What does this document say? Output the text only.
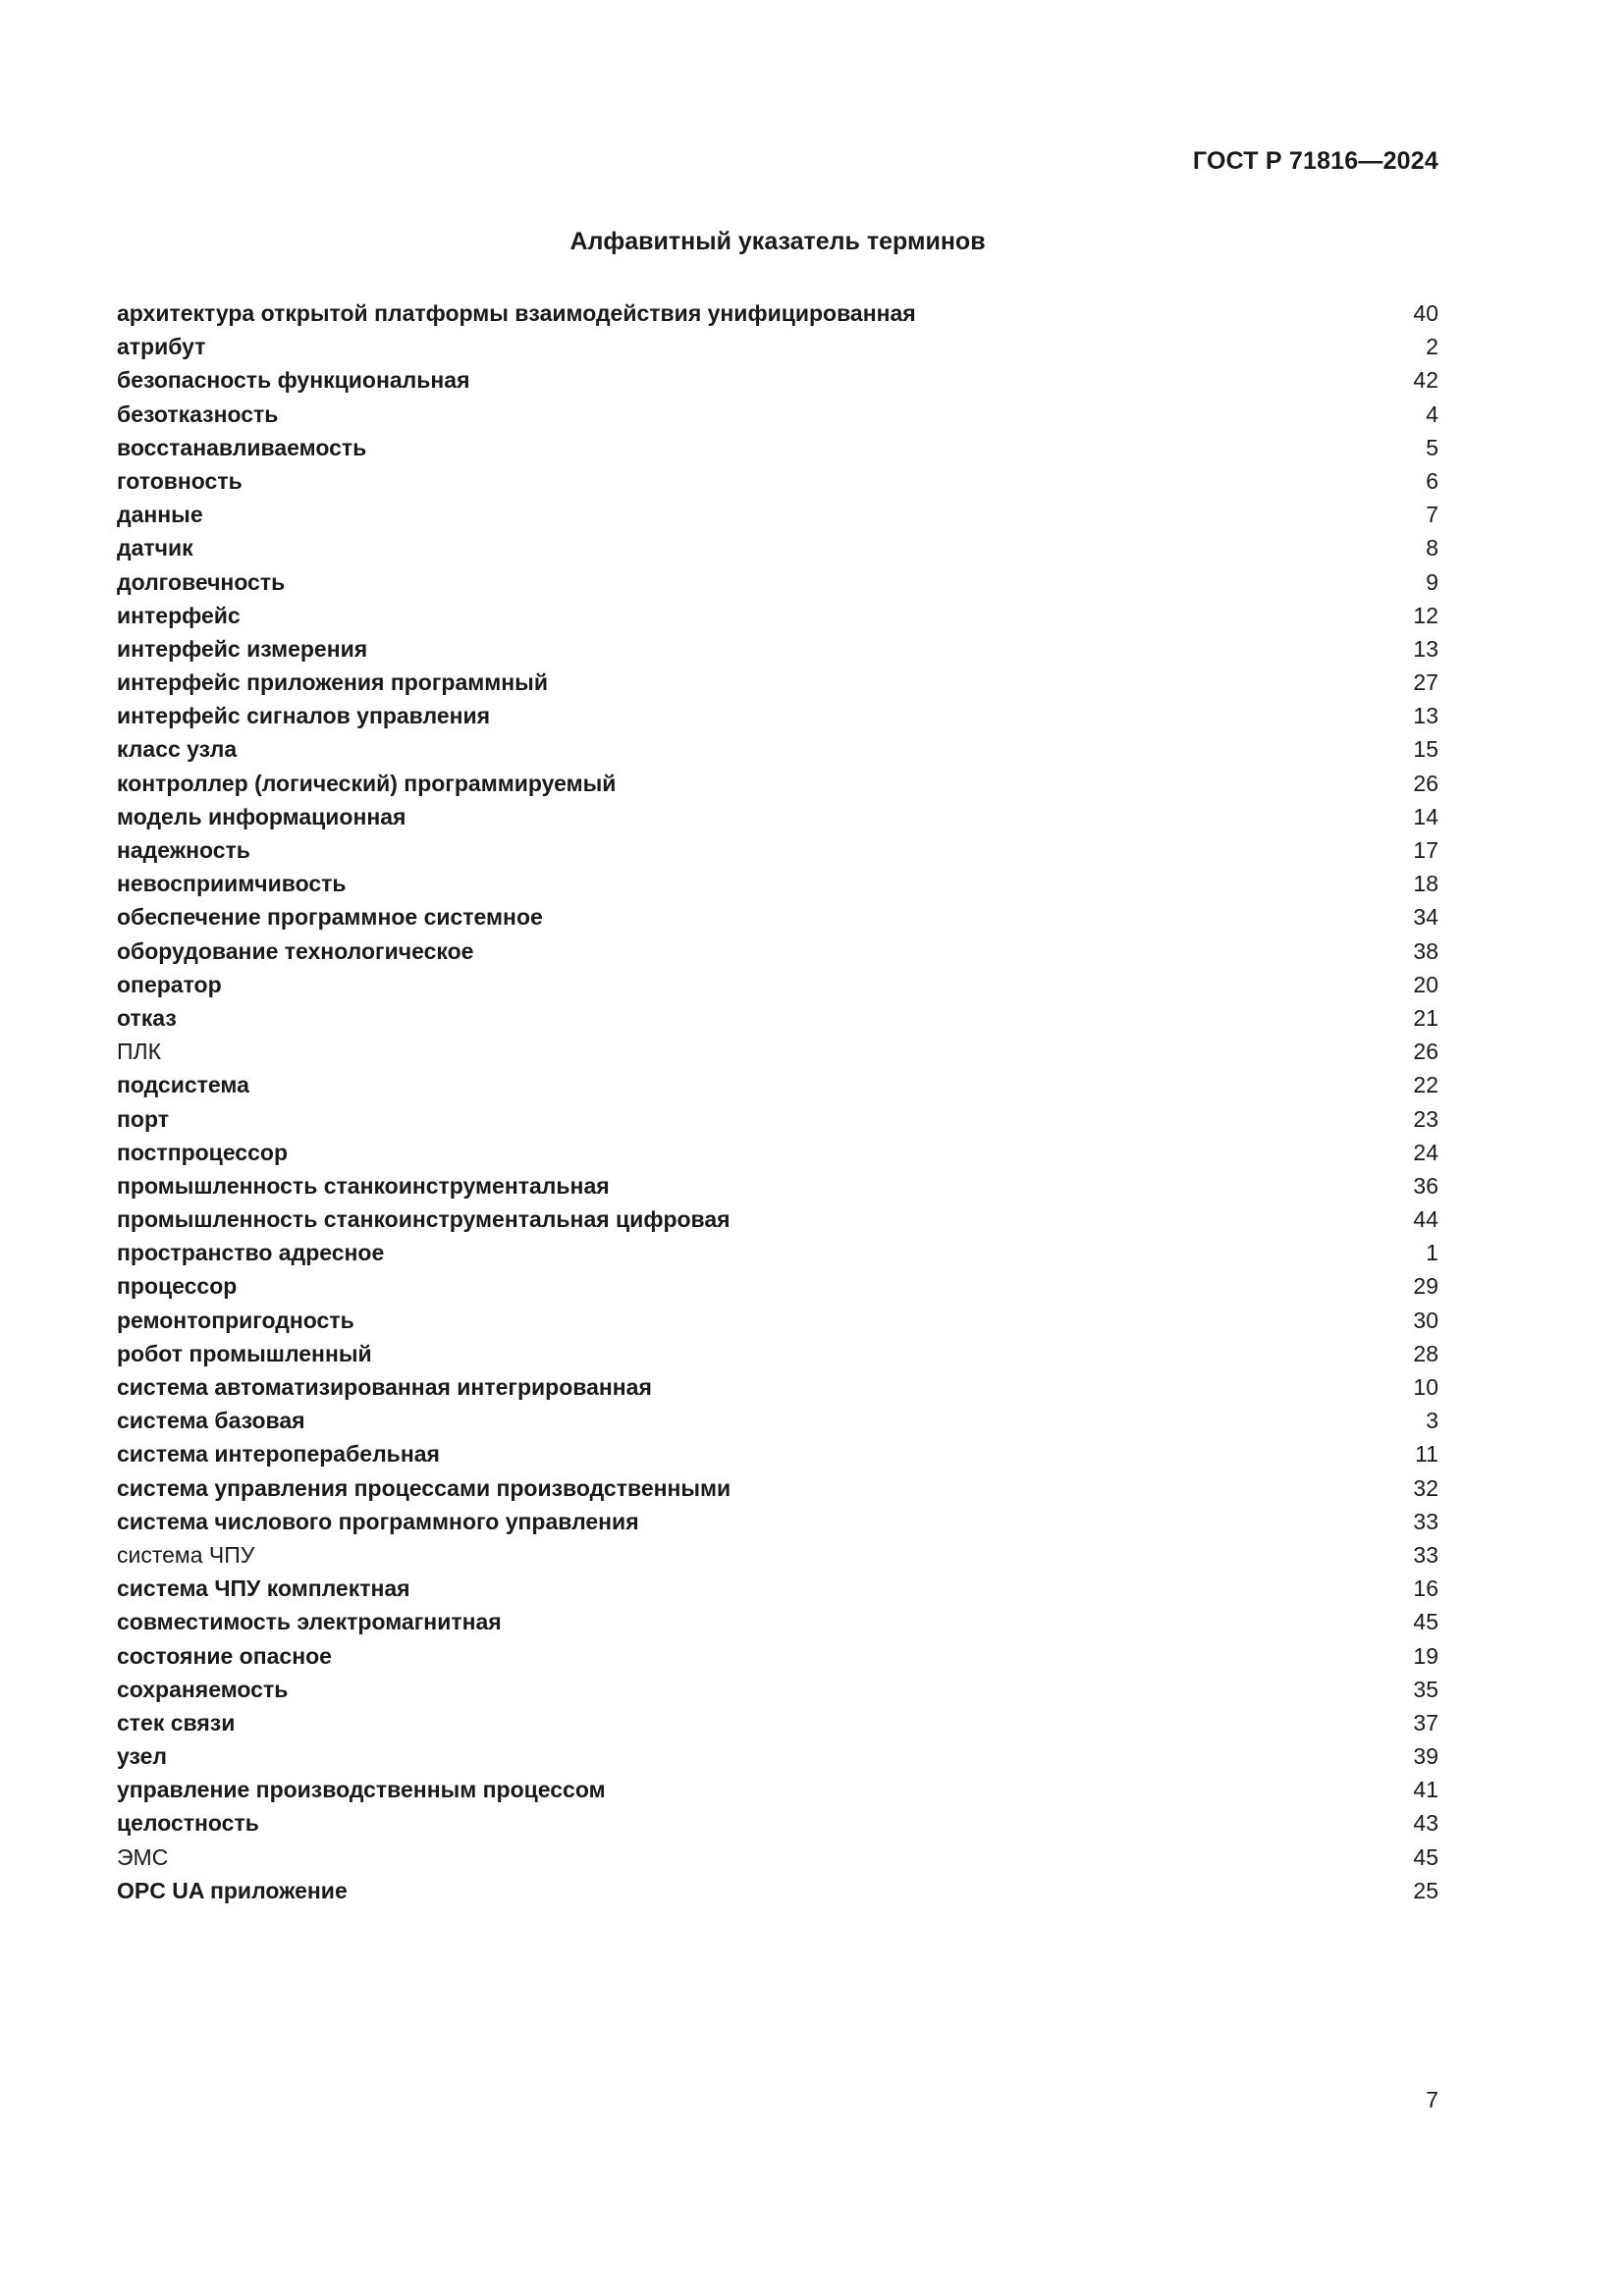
ГОСТ Р 71816—2024
Алфавитный указатель терминов
архитектура открытой платформы взаимодействия унифицированная	40
атрибут	2
безопасность функциональная	42
безотказность	4
восстанавливаемость	5
готовность	6
данные	7
датчик	8
долговечность	9
интерфейс	12
интерфейс измерения	13
интерфейс приложения программный	27
интерфейс сигналов управления	13
класс узла	15
контроллер (логический) программируемый	26
модель информационная	14
надежность	17
невосприимчивость	18
обеспечение программное системное	34
оборудование технологическое	38
оператор	20
отказ	21
ПЛК	26
подсистема	22
порт	23
постпроцессор	24
промышленность станкоинструментальная	36
промышленность станкоинструментальная цифровая	44
пространство адресное	1
процессор	29
ремонтопригодность	30
робот промышленный	28
система автоматизированная интегрированная	10
система базовая	3
система интероперабельная	11
система управления процессами производственными	32
система числового программного управления	33
система ЧПУ	33
система ЧПУ комплектная	16
совместимость электромагнитная	45
состояние опасное	19
сохраняемость	35
стек связи	37
узел	39
управление производственным процессом	41
целостность	43
ЭМС	45
OPC UA приложение	25
7
